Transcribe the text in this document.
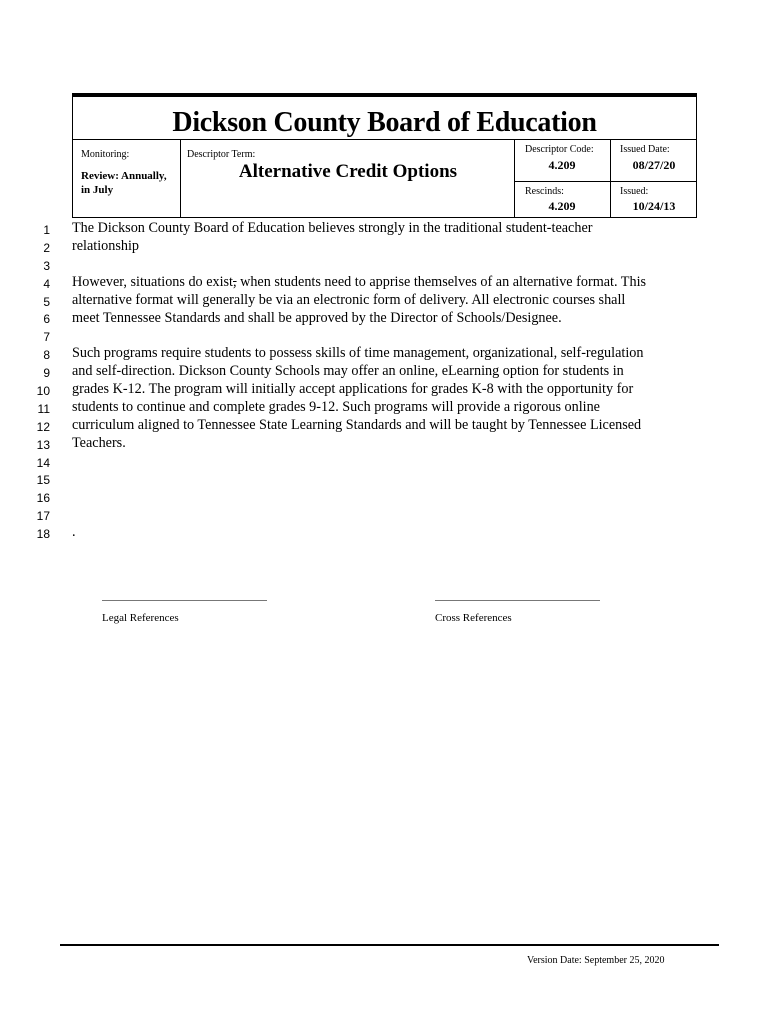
Dickson County Board of Education
Monitoring:
Review: Annually, in July
Descriptor Term:
Alternative Credit Options
Descriptor Code:
4.209
Issued Date:
08/27/20
Rescinds:
4.209
Issued:
10/24/13
1
2
3
4
5
6
7
8
9
10
11
12
13
14
15
16
17
18
The Dickson County Board of Education believes strongly in the traditional student-teacher
relationship
However, situations do exist, when students need to apprise themselves of an alternative format. This
alternative format will generally be via an electronic form of delivery. All electronic courses shall
meet Tennessee Standards and shall be approved by the Director of Schools/Designee.
Such programs require students to possess skills of time management, organizational, self-regulation
and self-direction. Dickson County Schools may offer an online, eLearning option for students in
grades K-12. The program will initially accept applications for grades K-8 with the opportunity for
students to continue and complete grades 9-12. Such programs will provide a rigorous online
curriculum aligned to Tennessee State Learning Standards and will be taught by Tennessee Licensed
Teachers.
.
Legal References	Cross References
Version Date: September 25, 2020
